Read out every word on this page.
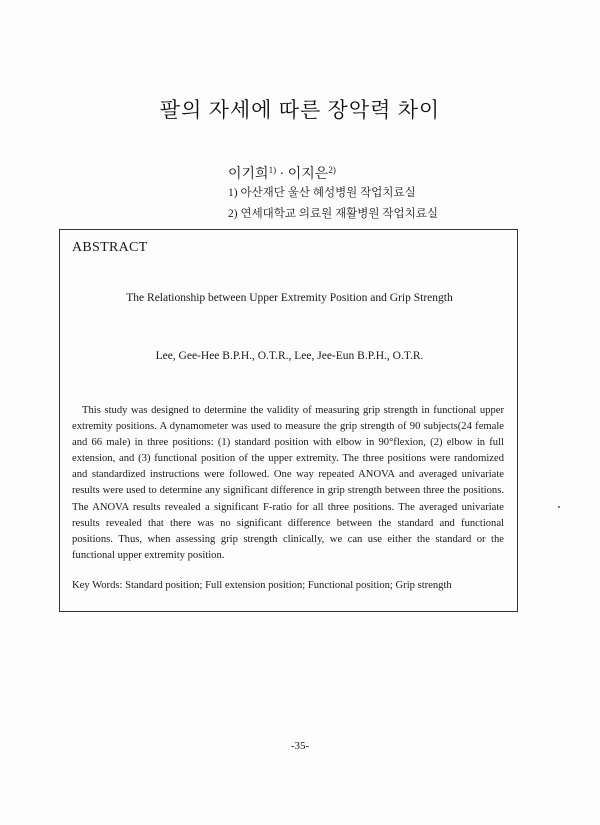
팔의 자세에 따른 장악력 차이
이기희$^{1)}$ · 이지은$^{2)}$
1) 아산재단 울산 혜성병원 작업치료실
2) 연세대학교 의료원 재활병원 작업치료실
ABSTRACT
The Relationship between Upper Extremity Position and Grip Strength
Lee, Gee-Hee B.P.H., O.T.R., Lee, Jee-Eun B.P.H., O.T.R.

This study was designed to determine the validity of measuring grip strength in functional upper extremity positions. A dynamometer was used to measure the grip strength of 90 subjects(24 female and 66 male) in three positions: (1) standard position with elbow in 90°flexion, (2) elbow in full extension, and (3) functional position of the upper extremity. The three positions were randomized and standardized instructions were followed. One way repeated ANOVA and averaged univariate results were used to determine any significant difference in grip strength between three the positions. The ANOVA results revealed a significant F-ratio for all three positions. The averaged univariate results revealed that there was no significant difference between the standard and functional positions. Thus, when assessing grip strength clinically, we can use either the standard or the functional upper extremity position.

Key Words: Standard position; Full extension position; Functional position; Grip strength
-35-
